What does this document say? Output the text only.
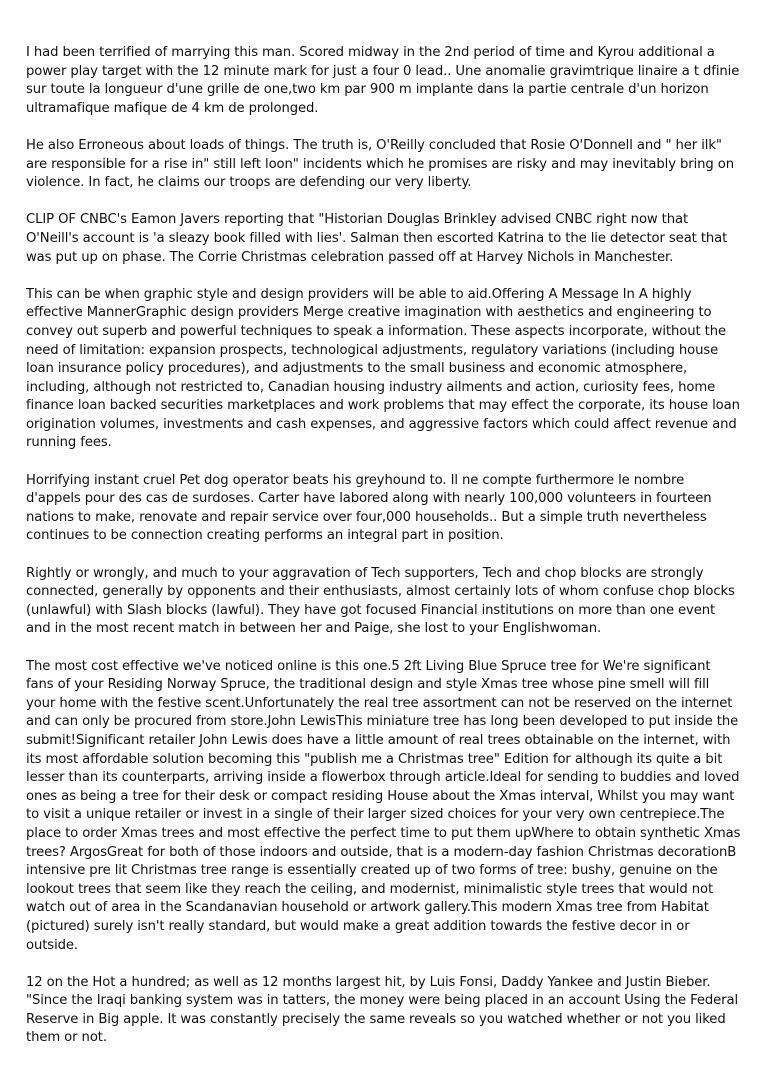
I had been terrified of marrying this man. Scored midway in the 2nd period of time and Kyrou additional a power play target with the 12 minute mark for just a four 0 lead.. Une anomalie gravimtrique linaire a t dfinie sur toute la longueur d'une grille de one,two km par 900 m implante dans la partie centrale d'un horizon ultramafique mafique de 4 km de prolonged.

He also Erroneous about loads of things. The truth is, O'Reilly concluded that Rosie O'Donnell and " her ilk" are responsible for a rise in" still left loon" incidents which he promises are risky and may inevitably bring on violence. In fact, he claims our troops are defending our very liberty.

CLIP OF CNBC's Eamon Javers reporting that "Historian Douglas Brinkley advised CNBC right now that O'Neill's account is 'a sleazy book filled with lies'. Salman then escorted Katrina to the lie detector seat that was put up on phase. The Corrie Christmas celebration passed off at Harvey Nichols in Manchester.

This can be when graphic style and design providers will be able to aid.Offering A Message In A highly effective MannerGraphic design providers Merge creative imagination with aesthetics and engineering to convey out superb and powerful techniques to speak a information. These aspects incorporate, without the need of limitation: expansion prospects, technological adjustments, regulatory variations (including house loan insurance policy procedures), and adjustments to the small business and economic atmosphere, including, although not restricted to, Canadian housing industry ailments and action, curiosity fees, home finance loan backed securities marketplaces and work problems that may effect the corporate, its house loan origination volumes, investments and cash expenses, and aggressive factors which could affect revenue and running fees.

Horrifying instant cruel Pet dog operator beats his greyhound to. Il ne compte furthermore le nombre d'appels pour des cas de surdoses. Carter have labored along with nearly 100,000 volunteers in fourteen nations to make, renovate and repair service over four,000 households.. But a simple truth nevertheless continues to be connection creating performs an integral part in position.

Rightly or wrongly, and much to your aggravation of Tech supporters, Tech and chop blocks are strongly connected, generally by opponents and their enthusiasts, almost certainly lots of whom confuse chop blocks (unlawful) with Slash blocks (lawful). They have got focused Financial institutions on more than one event and in the most recent match in between her and Paige, she lost to your Englishwoman.

The most cost effective we've noticed online is this one.5 2ft Living Blue Spruce tree for We're significant fans of your Residing Norway Spruce, the traditional design and style Xmas tree whose pine smell will fill your home with the festive scent.Unfortunately the real tree assortment can not be reserved on the internet and can only be procured from store.John LewisThis miniature tree has long been developed to put inside the submit!Significant retailer John Lewis does have a little amount of real trees obtainable on the internet, with its most affordable solution becoming this "publish me a Christmas tree" Edition for although its quite a bit lesser than its counterparts, arriving inside a flowerbox through article.Ideal for sending to buddies and loved ones as being a tree for their desk or compact residing House about the Xmas interval, Whilst you may want to visit a unique retailer or invest in a single of their larger sized choices for your very own centrepiece.The place to order Xmas trees and most effective the perfect time to put them upWhere to obtain synthetic Xmas trees? ArgosGreat for both of those indoors and outside, that is a modern-day fashion Christmas decorationB intensive pre lit Christmas tree range is essentially created up of two forms of tree: bushy, genuine on the lookout trees that seem like they reach the ceiling, and modernist, minimalistic style trees that would not watch out of area in the Scandanavian household or artwork gallery.This modern Xmas tree from Habitat (pictured) surely isn't really standard, but would make a great addition towards the festive decor in or outside.

12 on the Hot a hundred; as well as 12 months largest hit, by Luis Fonsi, Daddy Yankee and Justin Bieber. "Since the Iraqi banking system was in tatters, the money were being placed in an account Using the Federal Reserve in Big apple. It was constantly precisely the same reveals so you watched whether or not you liked them or not.
